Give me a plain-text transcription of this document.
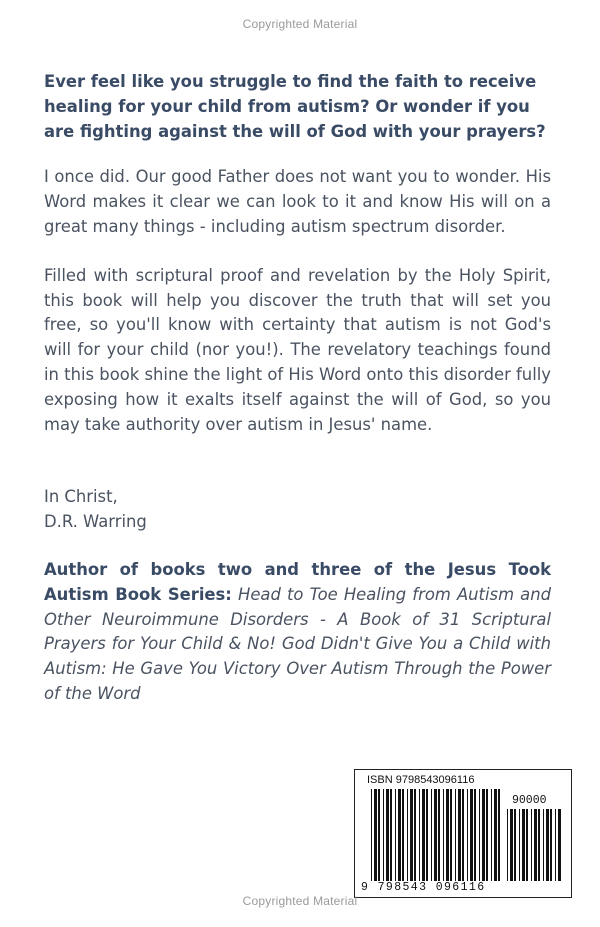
Copyrighted Material

Ever feel like you struggle to find the faith to receive healing for your child from autism? Or wonder if you are fighting against the will of God with your prayers?

I once did. Our good Father does not want you to wonder. His Word makes it clear we can look to it and know His will on a great many things - including autism spectrum disorder.

Filled with scriptural proof and revelation by the Holy Spirit, this book will help you discover the truth that will set you free, so you'll know with certainty that autism is not God's will for your child (nor you!). The revelatory teachings found in this book shine the light of His Word onto this disorder fully exposing how it exalts itself against the will of God, so you may take authority over autism in Jesus' name.

In Christ,
D.R. Warring

Author of books two and three of the Jesus Took Autism Book Series: Head to Toe Healing from Autism and Other Neuroimmune Disorders - A Book of 31 Scriptural Prayers for Your Child & No! God Didn't Give You a Child with Autism: He Gave You Victory Over Autism Through the Power of the Word

ISBN 9798543096116
90000
9 798543 096116
Copyrighted Material
